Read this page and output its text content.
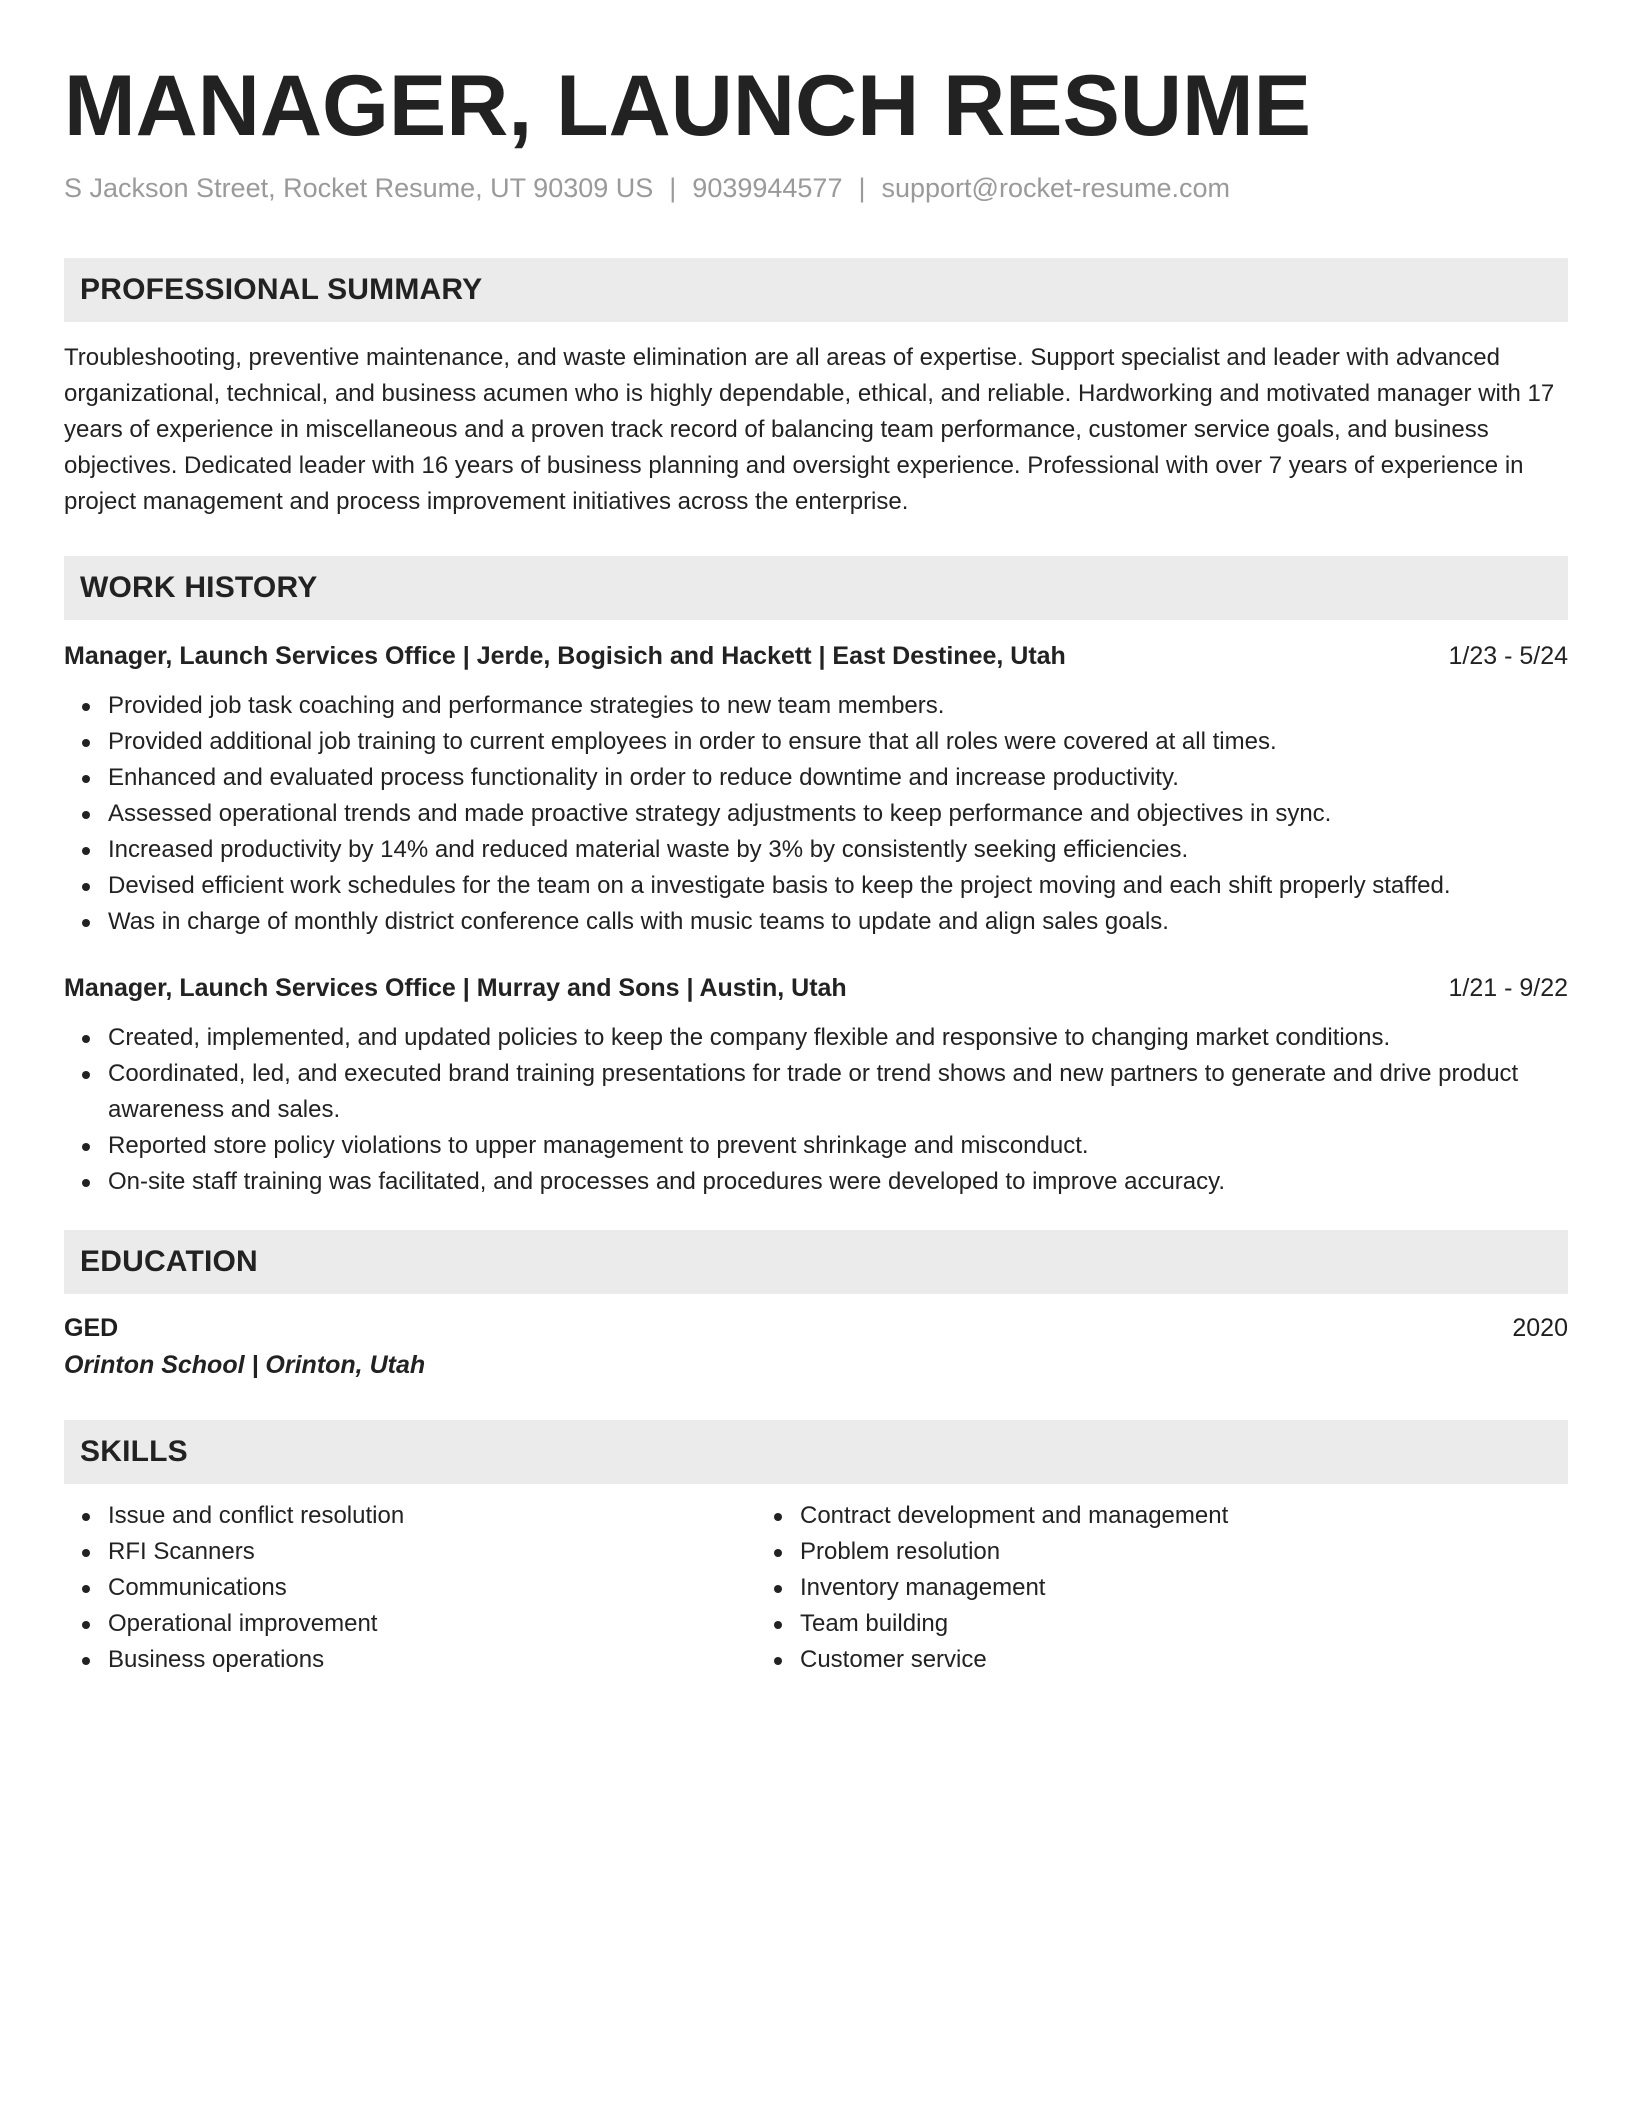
MANAGER, LAUNCH RESUME
S Jackson Street, Rocket Resume, UT 90309 US | 9039944577 | support@rocket-resume.com
PROFESSIONAL SUMMARY
Troubleshooting, preventive maintenance, and waste elimination are all areas of expertise. Support specialist and leader with advanced organizational, technical, and business acumen who is highly dependable, ethical, and reliable. Hardworking and motivated manager with 17 years of experience in miscellaneous and a proven track record of balancing team performance, customer service goals, and business objectives. Dedicated leader with 16 years of business planning and oversight experience. Professional with over 7 years of experience in project management and process improvement initiatives across the enterprise.
WORK HISTORY
Manager, Launch Services Office | Jerde, Bogisich and Hackett | East Destinee, Utah	1/23 - 5/24
Provided job task coaching and performance strategies to new team members.
Provided additional job training to current employees in order to ensure that all roles were covered at all times.
Enhanced and evaluated process functionality in order to reduce downtime and increase productivity.
Assessed operational trends and made proactive strategy adjustments to keep performance and objectives in sync.
Increased productivity by 14% and reduced material waste by 3% by consistently seeking efficiencies.
Devised efficient work schedules for the team on a investigate basis to keep the project moving and each shift properly staffed.
Was in charge of monthly district conference calls with music teams to update and align sales goals.
Manager, Launch Services Office | Murray and Sons | Austin, Utah	1/21 - 9/22
Created, implemented, and updated policies to keep the company flexible and responsive to changing market conditions.
Coordinated, led, and executed brand training presentations for trade or trend shows and new partners to generate and drive product awareness and sales.
Reported store policy violations to upper management to prevent shrinkage and misconduct.
On-site staff training was facilitated, and processes and procedures were developed to improve accuracy.
EDUCATION
GED	2020
Orinton School | Orinton, Utah
SKILLS
Issue and conflict resolution
RFI Scanners
Communications
Operational improvement
Business operations
Contract development and management
Problem resolution
Inventory management
Team building
Customer service
